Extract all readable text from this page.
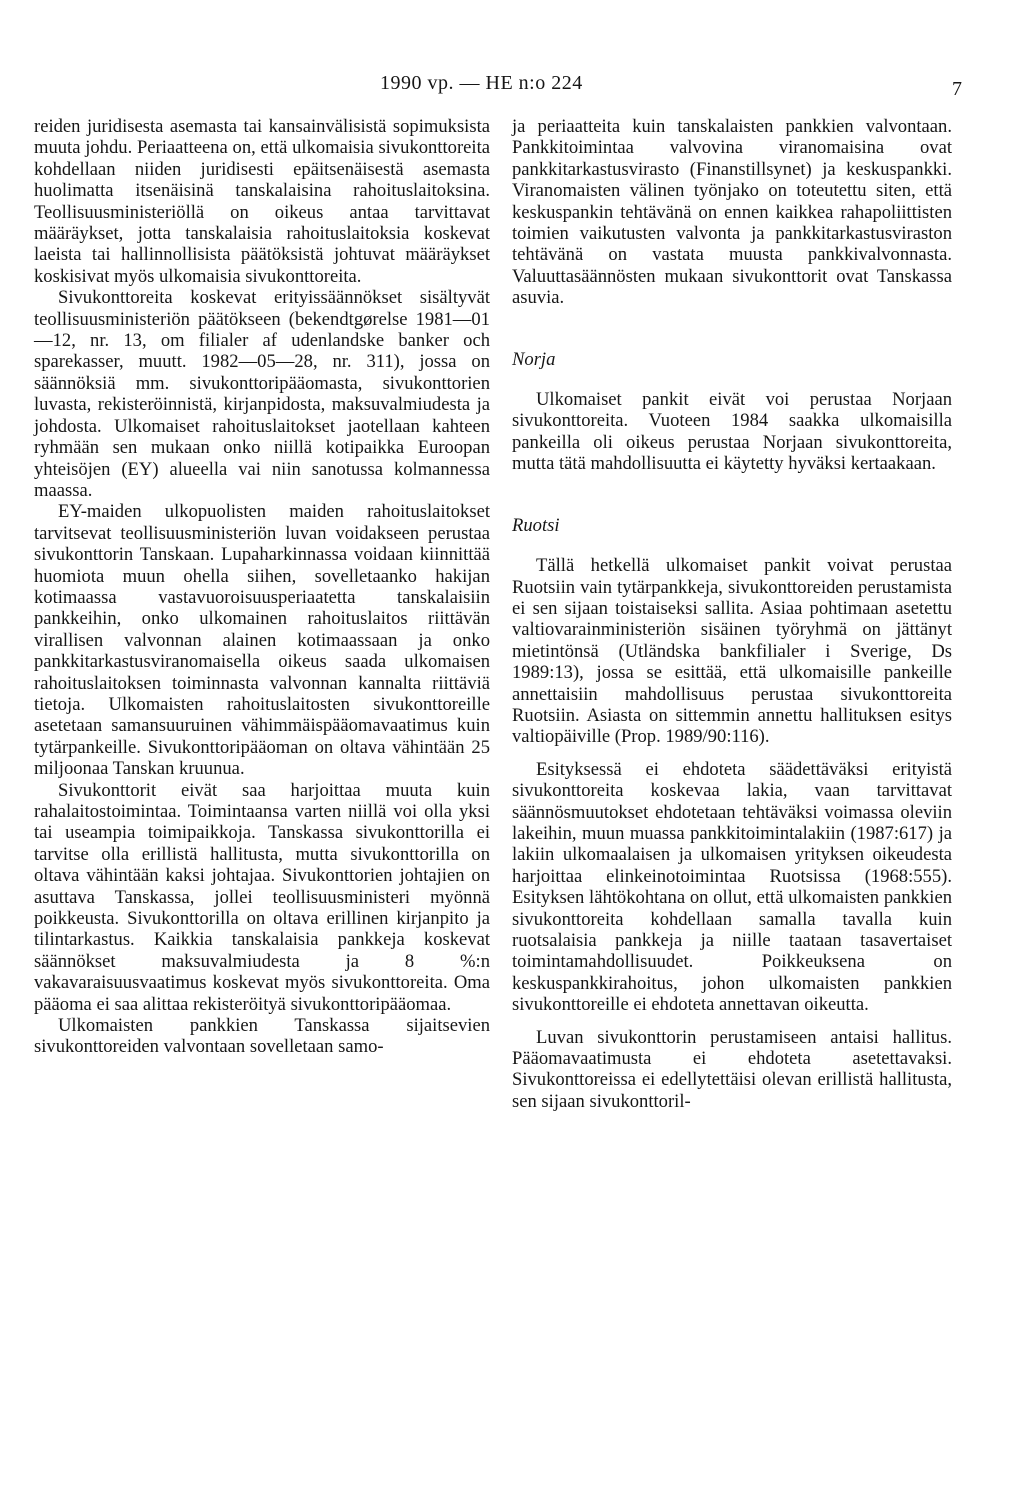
1990 vp. — HE n:o 224	7

reiden juridisesta asemasta tai kansainvälisistä sopimuksista muuta johdu. Periaatteena on, että ulkomaisia sivukonttoreita kohdellaan niiden juridisesti epäitsenäisestä asemasta huolimatta itsenäisinä tanskalaisina rahoituslaitoksina. Teollisuusministeriöllä on oikeus antaa tarvittavat määräykset, jotta tanskalaisia rahoituslaitoksia koskevat laeista tai hallinnollisista päätöksistä johtuvat määräykset koskisivat myös ulkomaisia sivukonttoreita.

Sivukonttoreita koskevat erityissäännökset sisältyvät teollisuusministeriön päätökseen (bekendtgørelse 1981—01—12, nr. 13, om filialer af udenlandske banker och sparekasser, muutt. 1982—05—28, nr. 311), jossa on säännöksiä mm. sivukonttoripääomasta, sivukonttorien luvasta, rekisteröinnistä, kirjanpidosta, maksuvalmiudesta ja johdosta. Ulkomaiset rahoituslaitokset jaotellaan kahteen ryhmään sen mukaan onko niillä kotipaikka Euroopan yhteisöjen (EY) alueella vai niin sanotussa kolmannessa maassa.

EY-maiden ulkopuolisten maiden rahoituslaitokset tarvitsevat teollisuusministeriön luvan voidakseen perustaa sivukonttorin Tanskaan. Lupaharkinnassa voidaan kiinnittää huomiota muun ohella siihen, sovelletaanko hakijan kotimaassa vastavuoroisuusperiaatetta tanskalaisiin pankkeihin, onko ulkomainen rahoituslaitos riittävän virallisen valvonnan alainen kotimaassaan ja onko pankkitarkastusviranomaisella oikeus saada ulkomaisen rahoituslaitoksen toiminnasta valvonnan kannalta riittäviä tietoja. Ulkomaisten rahoituslaitosten sivukonttoreille asetetaan samansuuruinen vähimmäispääomavaatimus kuin tytärpankeille. Sivukonttoripääoman on oltava vähintään 25 miljoonaa Tanskan kruunua.

Sivukonttorit eivät saa harjoittaa muuta kuin rahalaitostoimintaa. Toimintaansa varten niillä voi olla yksi tai useampia toimipaikkoja. Tanskassa sivukonttorilla ei tarvitse olla erillistä hallitusta, mutta sivukonttorilla on oltava vähintään kaksi johtajaa. Sivukonttorien johtajien on asuttava Tanskassa, jollei teollisuusministeri myönnä poikkeusta. Sivukonttorilla on oltava erillinen kirjanpito ja tilintarkastus. Kaikkia tanskalaisia pankkeja koskevat säännökset maksuvalmiudesta ja 8 %:n vakavaraisuusvaatimus koskevat myös sivukonttoreita. Oma pääoma ei saa alittaa rekisteröityä sivukonttoripääomaa.

Ulkomaisten pankkien Tanskassa sijaitsevien sivukonttoreiden valvontaan sovelletaan samo-

ja periaatteita kuin tanskalaisten pankkien valvontaan. Pankkitoimintaa valvovina viranomaisina ovat pankkitarkastusvirasto (Finanstillsynet) ja keskuspankki. Viranomaisten välinen työnjako on toteutettu siten, että keskuspankin tehtävänä on ennen kaikkea rahapoliittisten toimien vaikutusten valvonta ja pankkitarkastusviraston tehtävänä on vastata muusta pankkivalvonnasta. Valuuttasäännösten mukaan sivukonttorit ovat Tanskassa asuvia.

Norja

Ulkomaiset pankit eivät voi perustaa Norjaan sivukonttoreita. Vuoteen 1984 saakka ulkomaisilla pankeilla oli oikeus perustaa Norjaan sivukonttoreita, mutta tätä mahdollisuutta ei käytetty hyväksi kertaakaan.

Ruotsi

Tällä hetkellä ulkomaiset pankit voivat perustaa Ruotsiin vain tytärpankkeja, sivukonttoreiden perustamista ei sen sijaan toistaiseksi sallita. Asiaa pohtimaan asetettu valtiovarainministeriön sisäinen työryhmä on jättänyt mietintönsä (Utländska bankfilialer i Sverige, Ds 1989:13), jossa se esittää, että ulkomaisille pankeille annettaisiin mahdollisuus perustaa sivukonttoreita Ruotsiin. Asiasta on sittemmin annettu hallituksen esitys valtiopäiville (Prop. 1989/90:116).

Esityksessä ei ehdoteta säädettäväksi erityistä sivukonttoreita koskevaa lakia, vaan tarvittavat säännösmuutokset ehdotetaan tehtäväksi voimassa oleviin lakeihin, muun muassa pankkitoimintalakiin (1987:617) ja lakiin ulkomaalaisen ja ulkomaisen yrityksen oikeudesta harjoittaa elinkeinotoimintaa Ruotsissa (1968:555). Esityksen lähtökohtana on ollut, että ulkomaisten pankkien sivukonttoreita kohdellaan samalla tavalla kuin ruotsalaisia pankkeja ja niille taataan tasavertaiset toimintamahdollisuudet. Poikkeuksena on keskuspankkirahoitus, johon ulkomaisten pankkien sivukonttoreille ei ehdoteta annettavan oikeutta.

Luvan sivukonttorin perustamiseen antaisi hallitus. Pääomavaatimusta ei ehdoteta asetettavaksi. Sivukonttoreissa ei edellytettäisi olevan erillistä hallitusta, sen sijaan sivukonttoril-
